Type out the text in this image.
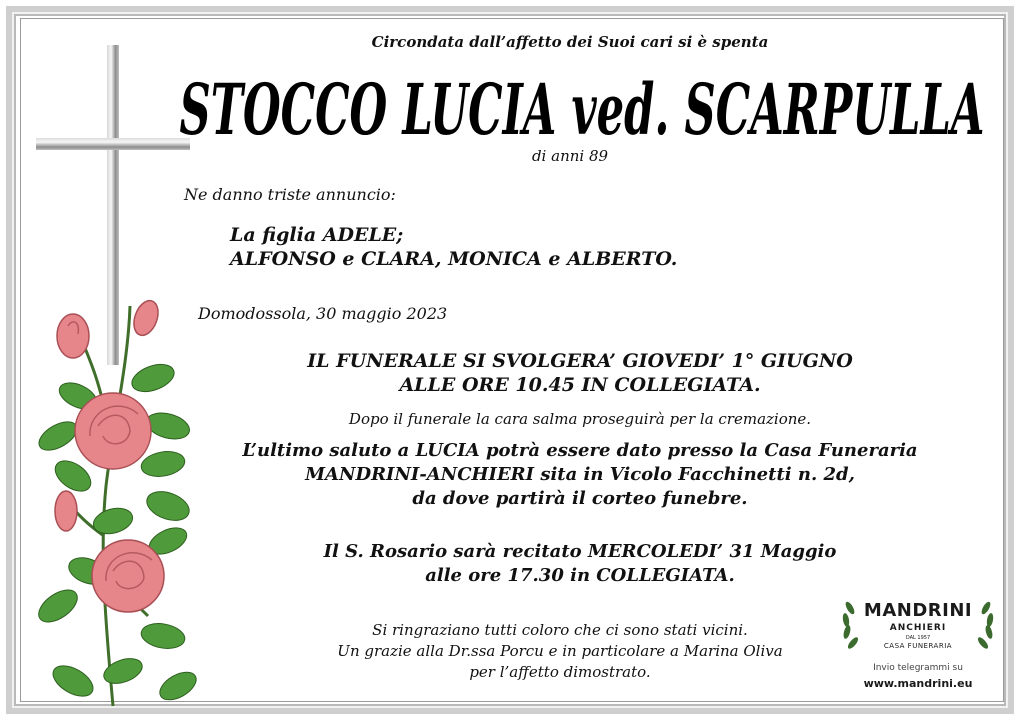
Circondata dall’affetto dei Suoi cari si è spenta
STOCCO LUCIA ved. SCARPULLA
di anni 89
Ne danno triste annuncio:
La figlia ADELE;
ALFONSO e CLARA, MONICA e ALBERTO.
Domodossola, 30 maggio 2023
IL FUNERALE SI SVOLGERA’ GIOVEDI’ 1° GIUGNO
ALLE ORE 10.45 IN COLLEGIATA.
Dopo il funerale la cara salma proseguirà per la cremazione.
L’ultimo saluto a LUCIA potrà essere dato presso la Casa Funeraria
MANDRINI-ANCHIERI sita in Vicolo Facchinetti n. 2d,
da dove partirà il corteo funebre.
Il S. Rosario sarà recitato MERCOLEDI’ 31 Maggio
alle ore 17.30 in COLLEGIATA.
Si ringraziano tutti coloro che ci sono stati vicini.
Un grazie alla Dr.ssa Porcu e in particolare a Marina Oliva
per l’affetto dimostrato.
MANDRINI
ANCHIERI
DAL 1957
CASA FUNERARIA
Invio telegrammi su
www.mandrini.eu
